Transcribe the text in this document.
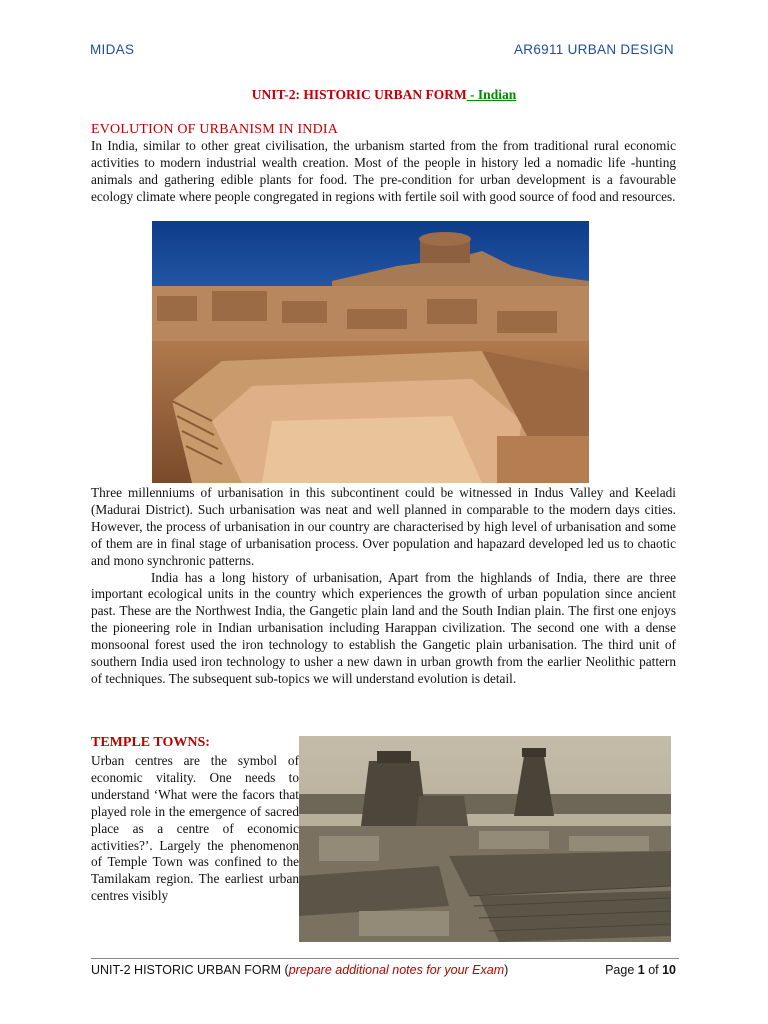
MIDAS	AR6911 URBAN DESIGN
UNIT-2: HISTORIC URBAN FORM - Indian
EVOLUTION OF URBANISM IN INDIA

In India, similar to other great civilisation, the urbanism started from the from traditional rural economic activities to modern industrial wealth creation. Most of the people in history led a nomadic life -hunting animals and gathering edible plants for food. The pre-condition for urban development is a favourable ecology climate where people congregated in regions with fertile soil with good source of food and resources.

Three millenniums of urbanisation in this subcontinent could be witnessed in Indus Valley and Keeladi (Madurai District). Such urbanisation was neat and well planned in comparable to the modern days cities. However, the process of urbanisation in our country are characterised by high level of urbanisation and some of them are in final stage of urbanisation process. Over population and hapazard developed led us to chaotic and mono synchronic patterns.

India has a long history of urbanisation, Apart from the highlands of India, there are three important ecological units in the country which experiences the growth of urban population since ancient past. These are the Northwest India, the Gangetic plain land and the South Indian plain. The first one enjoys the pioneering role in Indian urbanisation including Harappan civilization. The second one with a dense monsoonal forest used the iron technology to establish the Gangetic plain urbanisation. The third unit of southern India used iron technology to usher a new dawn in urban growth from the earlier Neolithic pattern of techniques. The subsequent sub-topics we will understand evolution is detail.

TEMPLE TOWNS:
Urban centres are the symbol of economic vitality. One needs to understand ‘What were the facors that played role in the emergence of sacred place as a centre of economic activities?’. Largely the phenomenon of Temple Town was confined to the Tamilakam region. The earliest urban centres visibly
UNIT-2 HISTORIC URBAN FORM (prepare additional notes for your Exam)	Page 1 of 10
